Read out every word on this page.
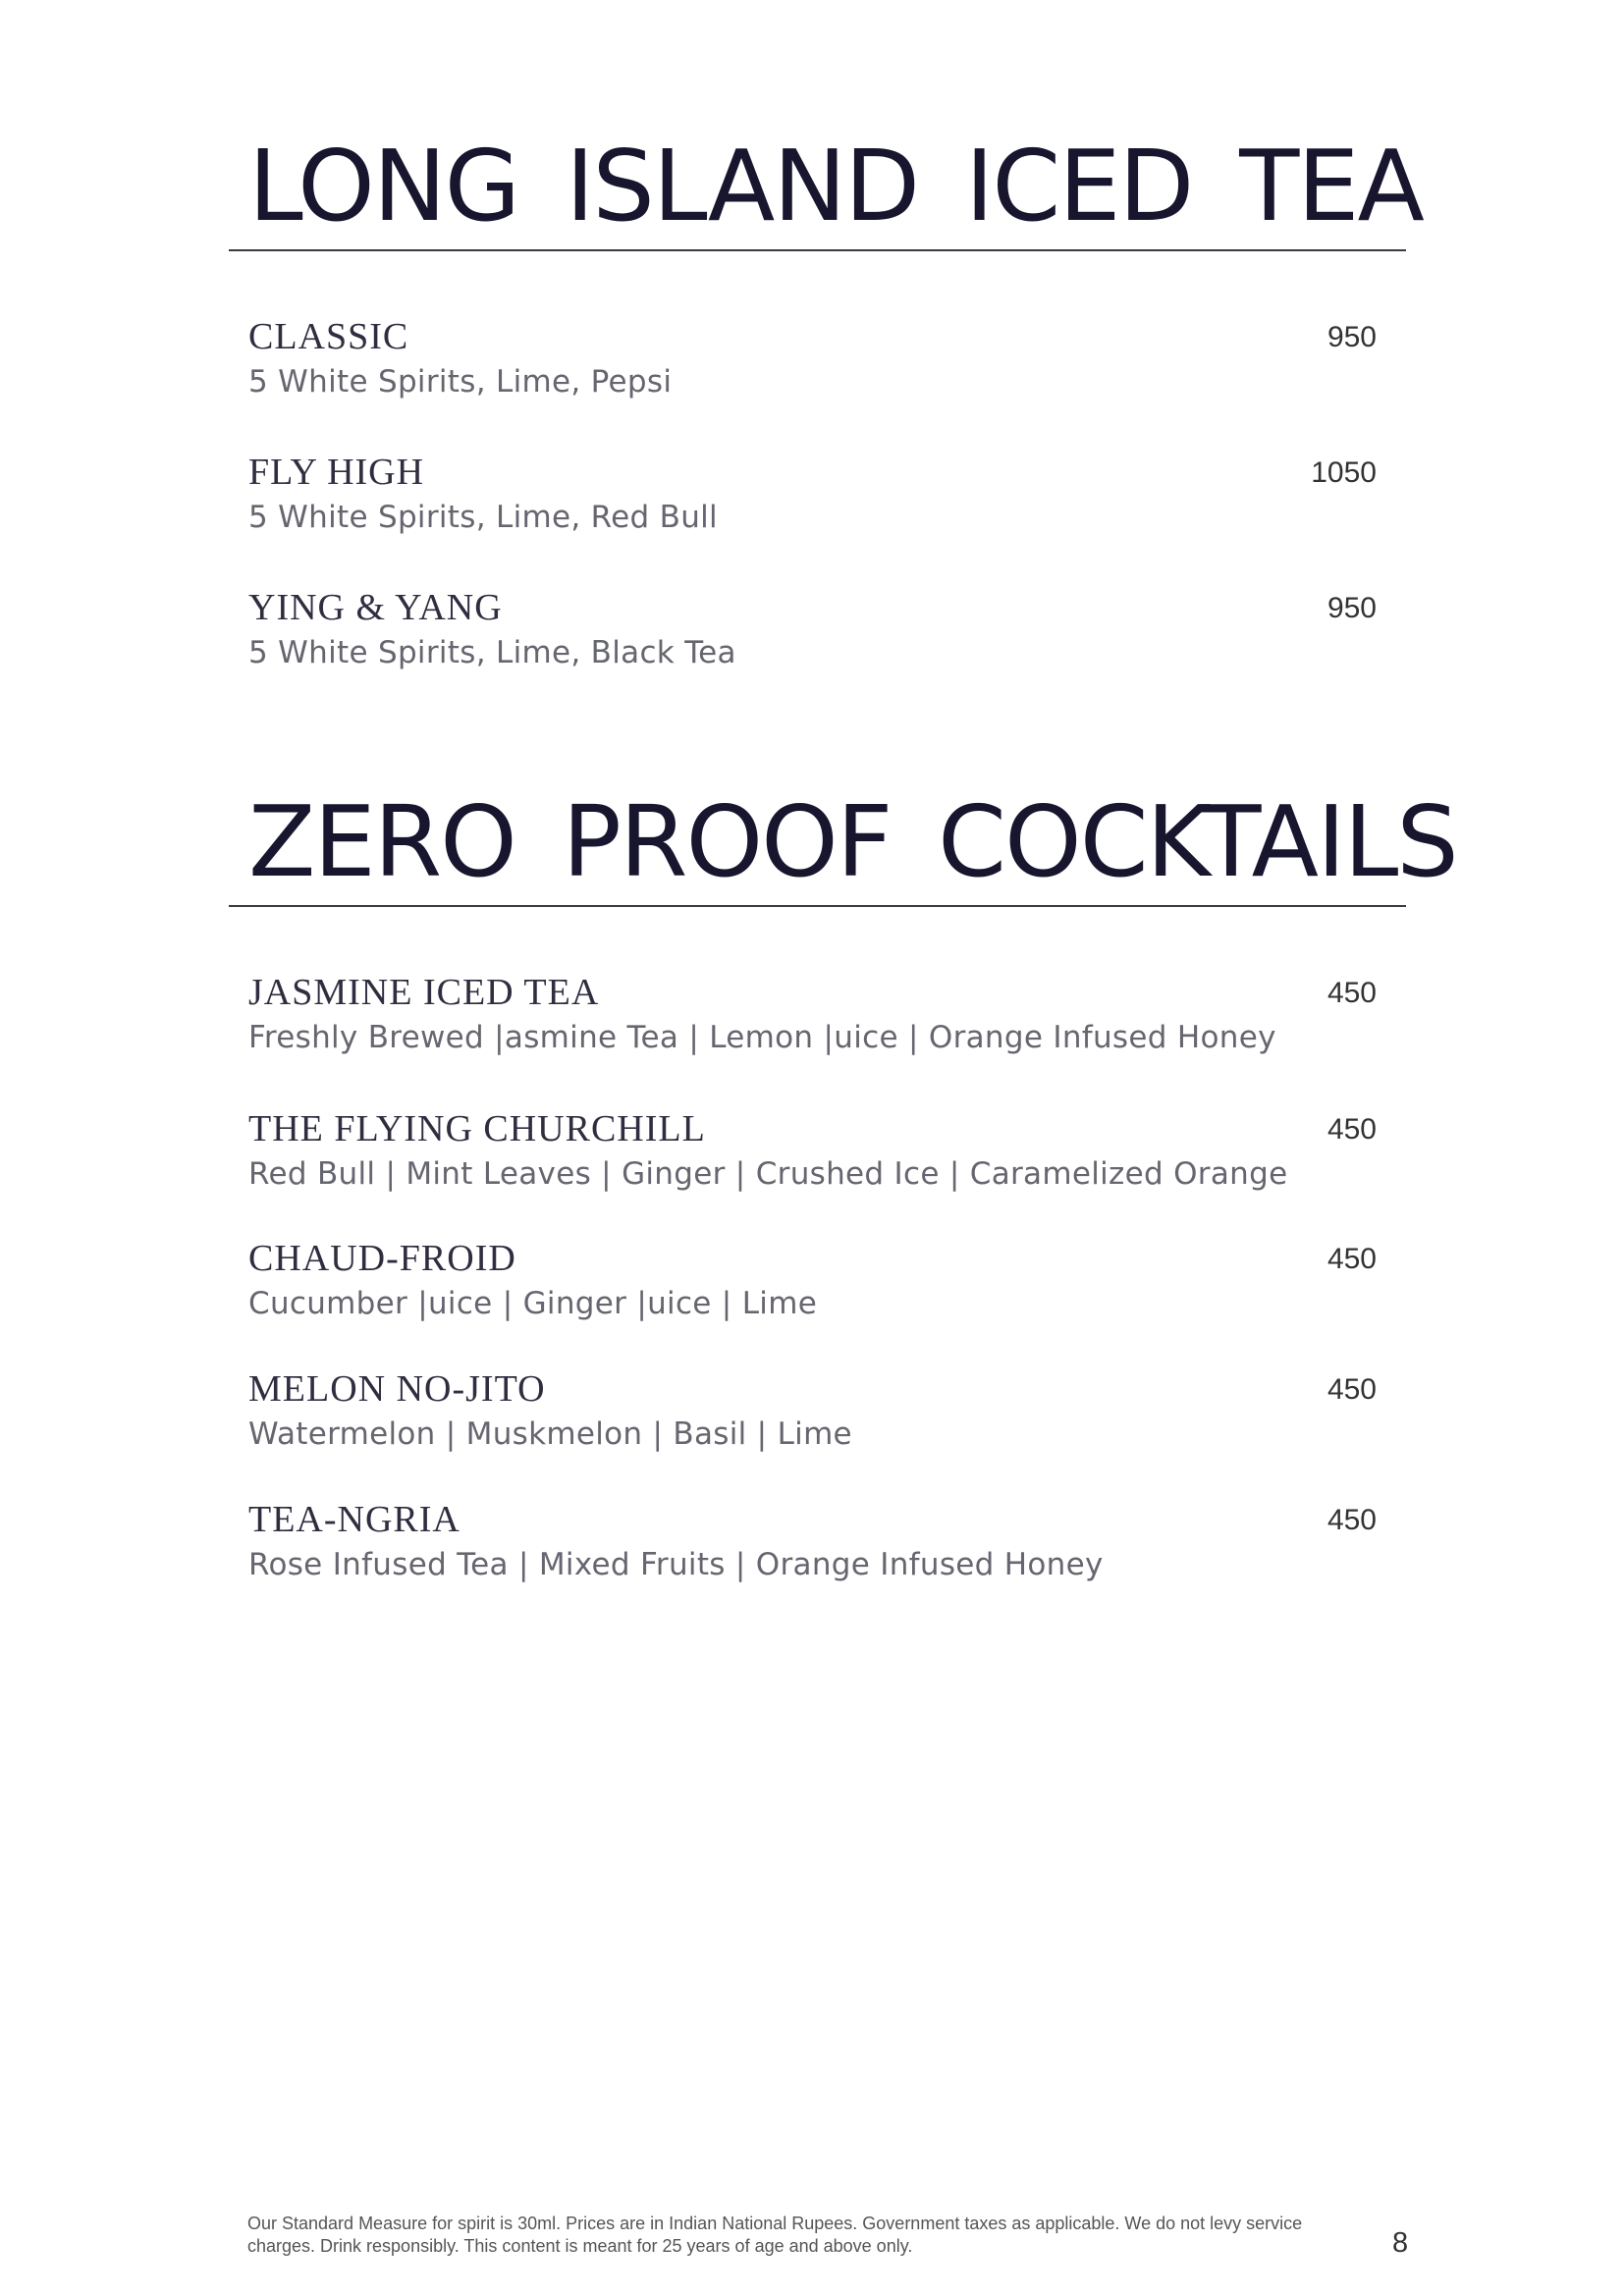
LONG ISLAND ICED TEA
CLASSIC	950
5 White Spirits, Lime, Pepsi
FLY HIGH	1050
5 White Spirits, Lime, Red Bull
YING & YANG	950
5 White Spirits, Lime, Black Tea
ZERO PROOF COCKTAILS
JASMINE ICED TEA	450
Freshly Brewed |asmine Tea | Lemon |uice | Orange Infused Honey
THE FLYING CHURCHILL	450
Red Bull | Mint Leaves | Ginger | Crushed Ice | Caramelized Orange
CHAUD-FROID	450
Cucumber |uice | Ginger |uice | Lime
MELON NO-JITO	450
Watermelon | Muskmelon | Basil | Lime
TEA-NGRIA	450
Rose Infused Tea | Mixed Fruits | Orange Infused Honey
Our Standard Measure for spirit is 30ml. Prices are in Indian National Rupees. Government taxes as applicable. We do not levy service charges. Drink responsibly. This content is meant for 25 years of age and above only.	8
